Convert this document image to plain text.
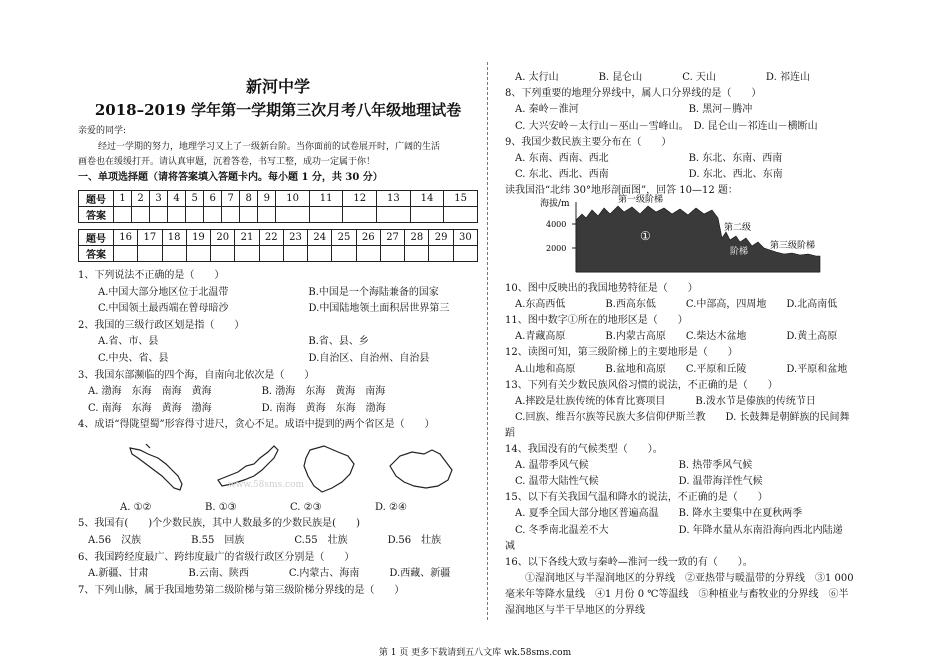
新河中学
2018–2019 学年第一学期第三次月考八年级地理试卷
亲爱的同学:
经过一学期的努力，地理学习又上了一级新台阶。当你面前的试卷展开时，广阔的生活
画卷也在缓缓打开。请认真审题，沉着答卷，书写工整，成功一定属于你！
一、单项选择题（请将答案填入答题卡内。每小题 1 分，共 30 分）
题号	1	2	3	4	5	6	7	8	9	10	11	12	13	14	15
答案															
题号	16	17	18	19	20	21	22	23	24	25	26	27	28	29	30
答案															
1、下列说法不正确的是（　　）
　　A.中国大部分地区位于北温带　　　　　　　　B.中国是一个海陆兼备的国家
　　C.中国领土最西端在曾母暗沙　　　　　　　　D.中国陆地领土面积居世界第三
2、我国的三级行政区划是指（　　）
　　A.省、市、县　　　　　　　　　　　　　　　B.省、县、乡
　　C.中央、省、县　　　　　　　　　　　　　　D.自治区、自治州、自治县
3、我国东部濒临的四个海，自南向北依次是（　　）
　A. 渤海　东海　南海　黄海　　　　　B. 渤海　东海　黄海　南海
　C. 南海　东海　黄海　渤海　　　　　D. 南海　黄海　东海　渤海
4、成语“得陇望蜀”形容得寸进尺，贪心不足。成语中提到的两个省区是（　　）
www.58sms.com
A. ①②	B. ①③	C. ②③	D. ②④
5、我国有(　　)个少数民族，其中人数最多的少数民族是(　　)
　A.56　汉族　　　　　B.55　回族　　　　　C.55　壮族　　　　D.56　壮族
6、我国跨经度最广、跨纬度最广的省级行政区分别是（　　）
　A.新疆、甘肃　　　　B.云南、陕西　　　　C.内蒙古、海南　　　D.西藏、新疆
7、下列山脉，属于我国地势第二级阶梯与第三级阶梯分界线的是（　　）
　A. 太行山　　　　B. 昆仑山　　　　C. 天山　　　　　D. 祁连山
8、下列重要的地理分界线中，属人口分界线的是（　　）
　A. 秦岭－淮河　　　　　　　　　　　B. 黑河－腾冲
　C. 大兴安岭－太行山－巫山－雪峰山。　D. 昆仑山－祁连山－横断山
9、我国少数民族主要分布在（　　）
　A. 东南、西南、西北　　　　　　　　B. 东北、东南、西南
　C. 东北、西北、西南　　　　　　　　D. 东北、西北、东南
读我国沿“北纬 30°地形剖面图”，回答 10—12 题：
海拔/m
4000
2000
第一级阶梯
①
第二级
阶梯
第三级阶梯
10、图中反映出的我国地势特征是（　　）
　A.东高西低　　　　B.西高东低　　　C.中部高，四周地　　D.北高南低
11、图中数字①所在的地形区是（　　）
　A.青藏高原　　　　B.内蒙古高原　　C.柴达木盆地　　　　D.黄土高原
12、读图可知，第三级阶梯上的主要地形是（　　）
　A.山地和高原　　　B.盆地和高原　　C.平原和丘陵　　　　D.平原和盆地
13、下列有关少数民族风俗习惯的说法，不正确的是（　　）
　A.摔跤是壮族传统的体育比赛项目　　　B.泼水节是傣族的传统节日
　C.回族、维吾尔族等民族大多信仰伊斯兰教　　D. 长鼓舞是朝鲜族的民间舞
蹈
14、我国没有的气候类型（　　）。
　A. 温带季风气候　　　　　　　　　B. 热带季风气候
　C. 温带大陆性气候　　　　　　　　D. 温带海洋性气候
15、以下有关我国气温和降水的说法，不正确的是（　　）
　A. 夏季全国大部分地区普遍高温　　B. 降水主要集中在夏秋两季
　C. 冬季南北温差不大　　　　　　　D. 年降水量从东南沿海向西北内陆递
减
16、以下各线大致与秦岭—淮河一线一致的有（　　）。
　　①湿润地区与半湿润地区的分界线　②亚热带与暖温带的分界线　③1 000
毫米年等降水量线　④1 月份 0 ℃等温线　⑤种植业与畜牧业的分界线　⑥半
湿润地区与半干旱地区的分界线
第 1 页 更多下载请到五八文库 wk.58sms.com
